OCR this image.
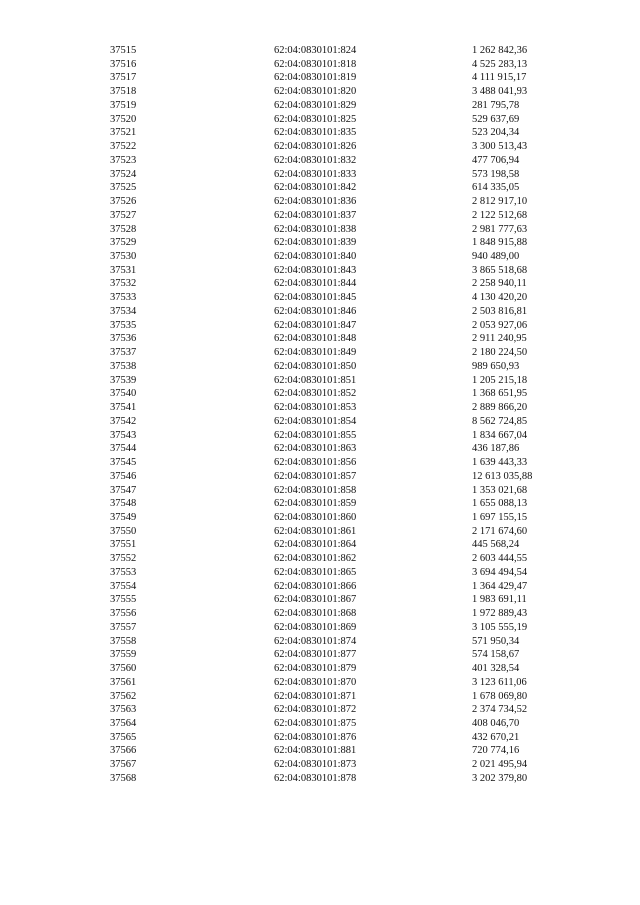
	37515	62:04:0830101:824	1 262 842,36
	37516	62:04:0830101:818	4 525 283,13
	37517	62:04:0830101:819	4 111 915,17
	37518	62:04:0830101:820	3 488 041,93
	37519	62:04:0830101:829	281 795,78
	37520	62:04:0830101:825	529 637,69
	37521	62:04:0830101:835	523 204,34
	37522	62:04:0830101:826	3 300 513,43
	37523	62:04:0830101:832	477 706,94
	37524	62:04:0830101:833	573 198,58
	37525	62:04:0830101:842	614 335,05
	37526	62:04:0830101:836	2 812 917,10
	37527	62:04:0830101:837	2 122 512,68
	37528	62:04:0830101:838	2 981 777,63
	37529	62:04:0830101:839	1 848 915,88
	37530	62:04:0830101:840	940 489,00
	37531	62:04:0830101:843	3 865 518,68
	37532	62:04:0830101:844	2 258 940,11
	37533	62:04:0830101:845	4 130 420,20
	37534	62:04:0830101:846	2 503 816,81
	37535	62:04:0830101:847	2 053 927,06
	37536	62:04:0830101:848	2 911 240,95
	37537	62:04:0830101:849	2 180 224,50
	37538	62:04:0830101:850	989 650,93
	37539	62:04:0830101:851	1 205 215,18
	37540	62:04:0830101:852	1 368 651,95
	37541	62:04:0830101:853	2 889 866,20
	37542	62:04:0830101:854	8 562 724,85
	37543	62:04:0830101:855	1 834 667,04
	37544	62:04:0830101:863	436 187,86
	37545	62:04:0830101:856	1 639 443,33
	37546	62:04:0830101:857	12 613 035,88
	37547	62:04:0830101:858	1 353 021,68
	37548	62:04:0830101:859	1 655 088,13
	37549	62:04:0830101:860	1 697 155,15
	37550	62:04:0830101:861	2 171 674,60
	37551	62:04:0830101:864	445 568,24
	37552	62:04:0830101:862	2 603 444,55
	37553	62:04:0830101:865	3 694 494,54
	37554	62:04:0830101:866	1 364 429,47
	37555	62:04:0830101:867	1 983 691,11
	37556	62:04:0830101:868	1 972 889,43
	37557	62:04:0830101:869	3 105 555,19
	37558	62:04:0830101:874	571 950,34
	37559	62:04:0830101:877	574 158,67
	37560	62:04:0830101:879	401 328,54
	37561	62:04:0830101:870	3 123 611,06
	37562	62:04:0830101:871	1 678 069,80
	37563	62:04:0830101:872	2 374 734,52
	37564	62:04:0830101:875	408 046,70
	37565	62:04:0830101:876	432 670,21
	37566	62:04:0830101:881	720 774,16
	37567	62:04:0830101:873	2 021 495,94
	37568	62:04:0830101:878	3 202 379,80
